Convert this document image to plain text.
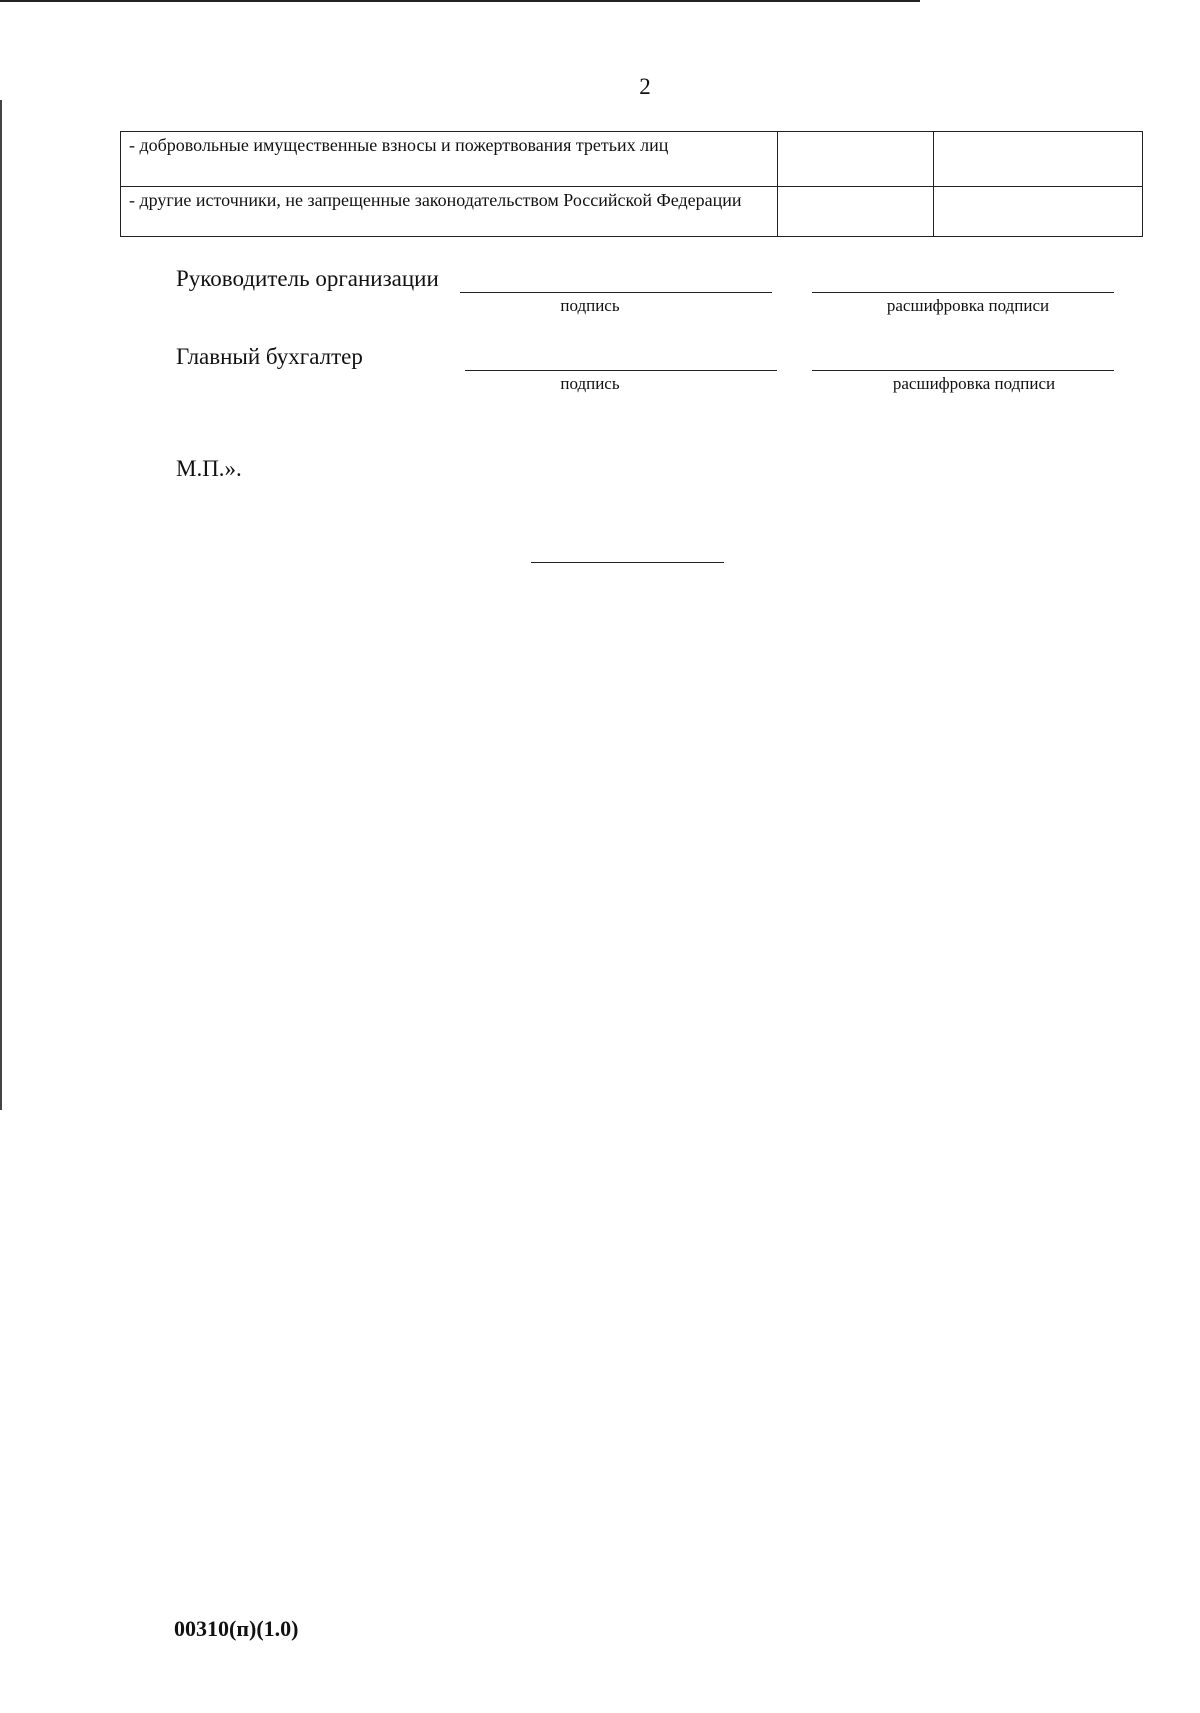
2
- добровольные имущественные взносы и пожертвования третьих лиц		
- другие источники, не запрещенные законодательством Российской Федерации		
Руководитель организации
подпись	расшифровка подписи
Главный бухгалтер
подпись	расшифровка подписи
М.П.».
00310(п)(1.0)
